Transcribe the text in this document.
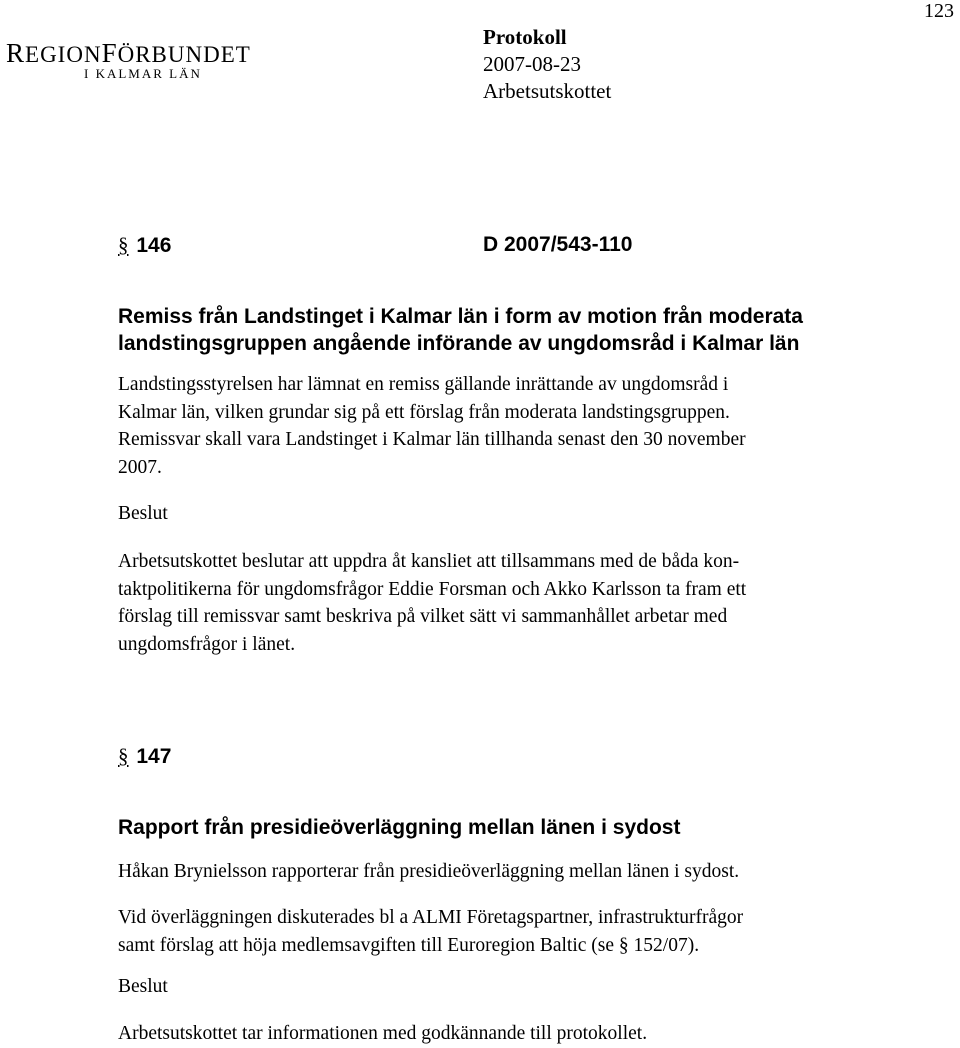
123
REGIONFÖRBUNDET
I KALMAR LÄN
Protokoll
2007-08-23
Arbetsutskottet
§ 146	D 2007/543-110
Remiss från Landstinget i Kalmar län i form av motion från moderata
landstingsgruppen angående införande av ungdomsråd i Kalmar län
Landstingsstyrelsen har lämnat en remiss gällande inrättande av ungdomsråd i
Kalmar län, vilken grundar sig på ett förslag från moderata landstingsgruppen.
Remissvar skall vara Landstinget i Kalmar län tillhanda senast den 30 november
2007.
Beslut
Arbetsutskottet beslutar att uppdra åt kansliet att tillsammans med de båda kon-
taktpolitikerna för ungdomsfrågor Eddie Forsman och Akko Karlsson ta fram ett
förslag till remissvar samt beskriva på vilket sätt vi sammanhållet arbetar med
ungdomsfrågor i länet.
§ 147
Rapport från presidieöverläggning mellan länen i sydost
Håkan Brynielsson rapporterar från presidieöverläggning mellan länen i sydost.
Vid överläggningen diskuterades bl a ALMI Företagspartner, infrastrukturfrågor
samt förslag att höja medlemsavgiften till Euroregion Baltic (se § 152/07).
Beslut
Arbetsutskottet tar informationen med godkännande till protokollet.
